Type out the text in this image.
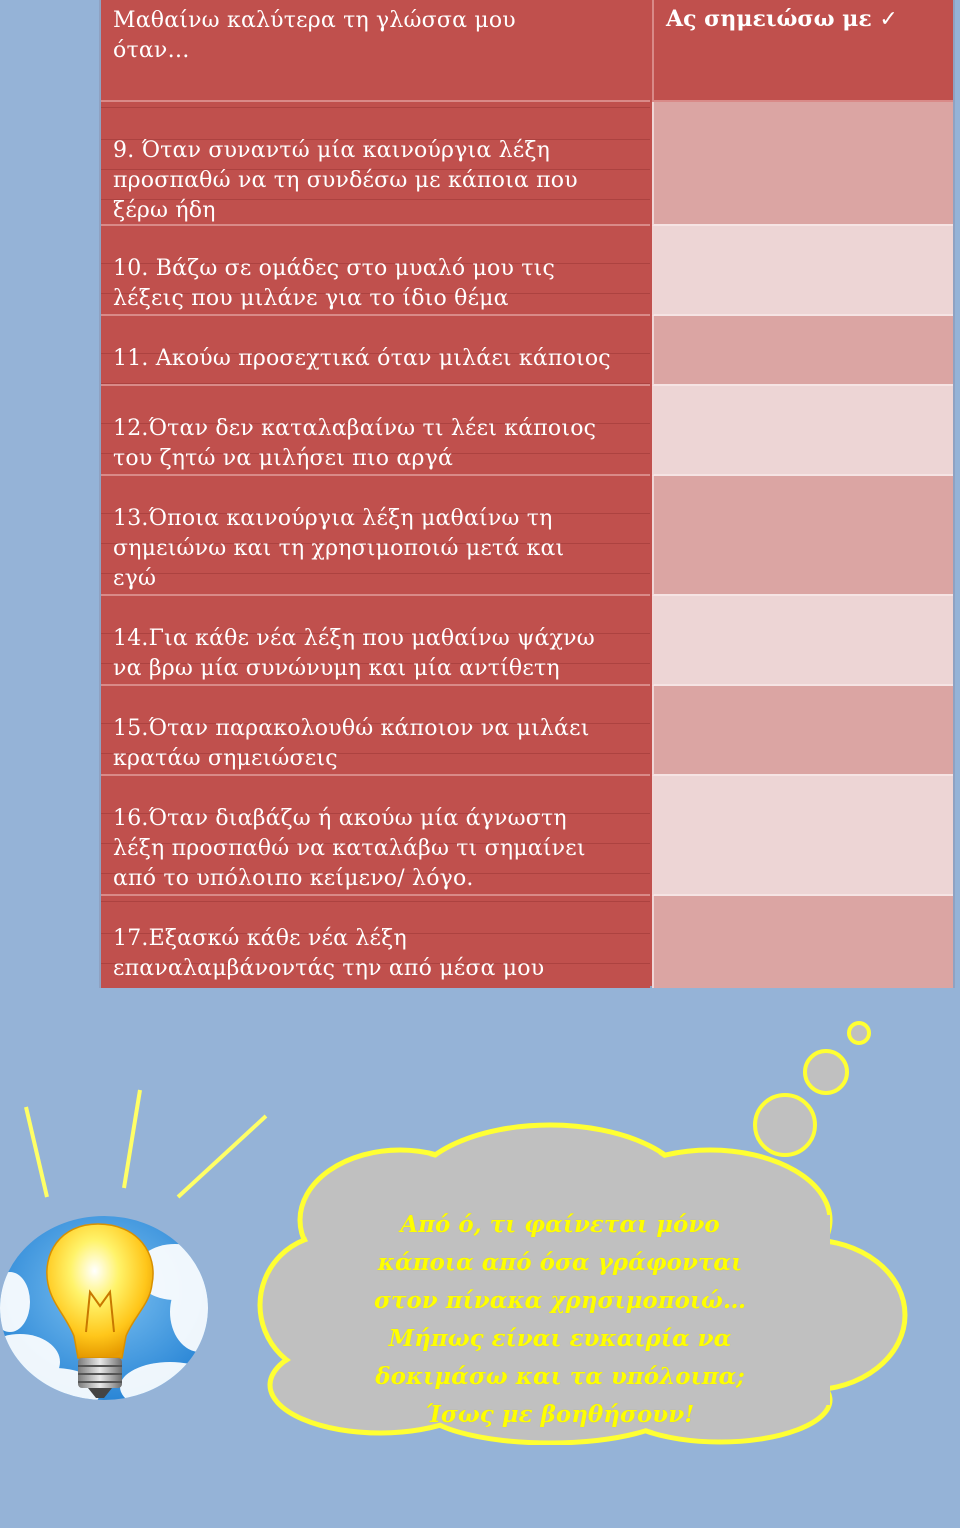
Μαθαίνω καλύτερα τη γλώσσα μου
όταν…
Ας σημειώσω με ✓
9. Όταν συναντώ μία καινούργια λέξη
προσπαθώ να τη συνδέσω με κάποια που
ξέρω ήδη
10. Βάζω σε ομάδες στο μυαλό μου τις
λέξεις που μιλάνε για το ίδιο θέμα
11. Ακούω προσεχτικά όταν μιλάει κάποιος
12.Όταν δεν καταλαβαίνω τι λέει κάποιος
του ζητώ να μιλήσει πιο αργά
13.Όποια καινούργια λέξη μαθαίνω τη
σημειώνω και τη χρησιμοποιώ μετά και
εγώ
14.Για κάθε νέα λέξη που μαθαίνω ψάχνω
να βρω μία συνώνυμη και μία αντίθετη
15.Όταν παρακολουθώ κάποιον να μιλάει
κρατάω σημειώσεις
16.Όταν διαβάζω ή ακούω μία άγνωστη
λέξη προσπαθώ να καταλάβω τι σημαίνει
από το υπόλοιπο κείμενο/ λόγο.
17.Εξασκώ κάθε νέα λέξη
επαναλαμβάνοντάς την από μέσα μου
Από ό, τι φαίνεται μόνο
κάποια από όσα γράφονται
στον πίνακα χρησιμοποιώ…
Μήπως είναι ευκαιρία να
δοκιμάσω και τα υπόλοιπα;
Ίσως με βοηθήσουν!
